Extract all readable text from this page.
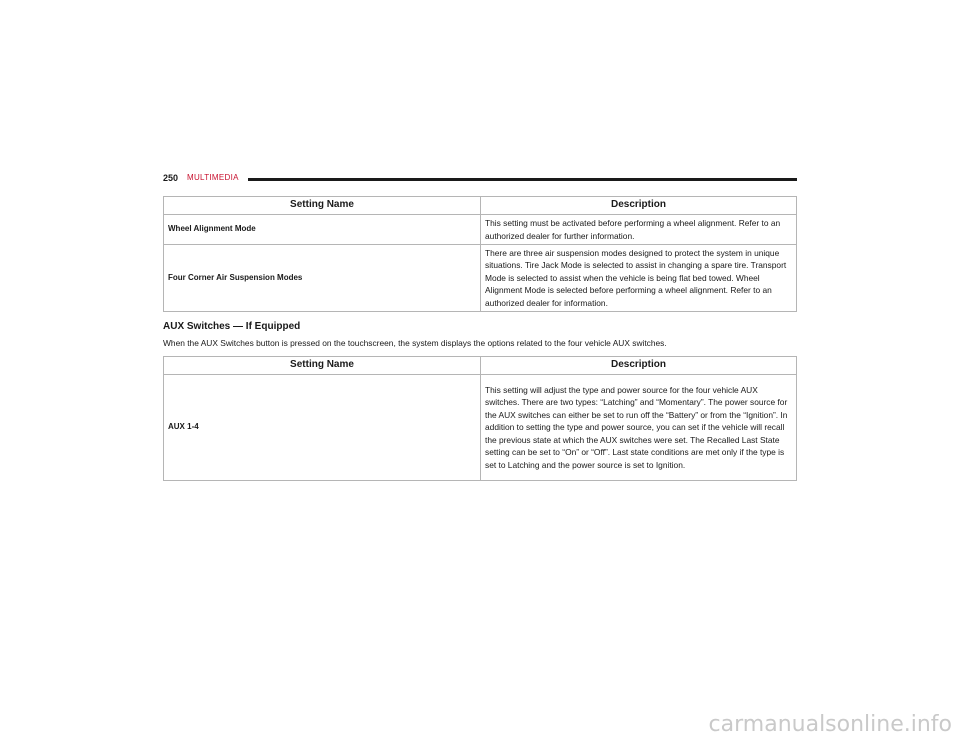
250 MULTIMEDIA
Setting Name	Description
Wheel Alignment Mode	This setting must be activated before performing a wheel alignment. Refer to an authorized dealer for further information.
Four Corner Air Suspension Modes	There are three air suspension modes designed to protect the system in unique situations. Tire Jack Mode is selected to assist in changing a spare tire. Transport Mode is selected to assist when the vehicle is being flat bed towed. Wheel Alignment Mode is selected before performing a wheel alignment. Refer to an authorized dealer for information.
AUX Switches — If Equipped
When the AUX Switches button is pressed on the touchscreen, the system displays the options related to the four vehicle AUX switches.
Setting Name	Description
AUX 1-4	This setting will adjust the type and power source for the four vehicle AUX switches. There are two types: “Latching” and “Momentary”. The power source for the AUX switches can either be set to run off the “Battery” or from the “Ignition”. In addition to setting the type and power source, you can set if the vehicle will recall the previous state at which the AUX switches were set. The Recalled Last State setting can be set to “On” or “Off”. Last state conditions are met only if the type is set to Latching and the power source is set to Ignition.
carmanualsonline.info
